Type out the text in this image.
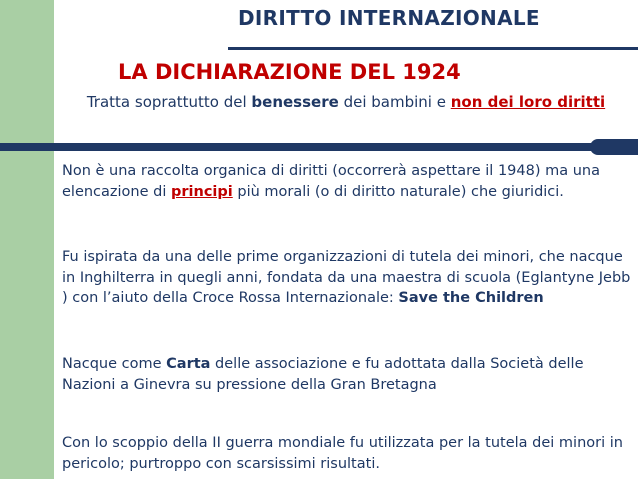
DIRITTO INTERNAZIONALE
LA DICHIARAZIONE DEL 1924
Tratta soprattutto del benessere dei bambini e non dei loro diritti
Non è una raccolta organica di diritti (occorrerà aspettare il 1948) ma una elencazione di principi più morali (o di diritto naturale) che giuridici.
Fu ispirata da una delle prime organizzazioni di tutela dei minori, che nacque in Inghilterra in quegli anni, fondata da una maestra di scuola (Eglantyne Jebb ) con l’aiuto della Croce Rossa Internazionale: Save the Children
Nacque come Carta delle associazione e fu adottata dalla Società delle Nazioni a Ginevra su pressione della Gran Bretagna
Con lo scoppio della II guerra mondiale fu utilizzata per la tutela dei minori in pericolo; purtroppo con scarsissimi risultati.
